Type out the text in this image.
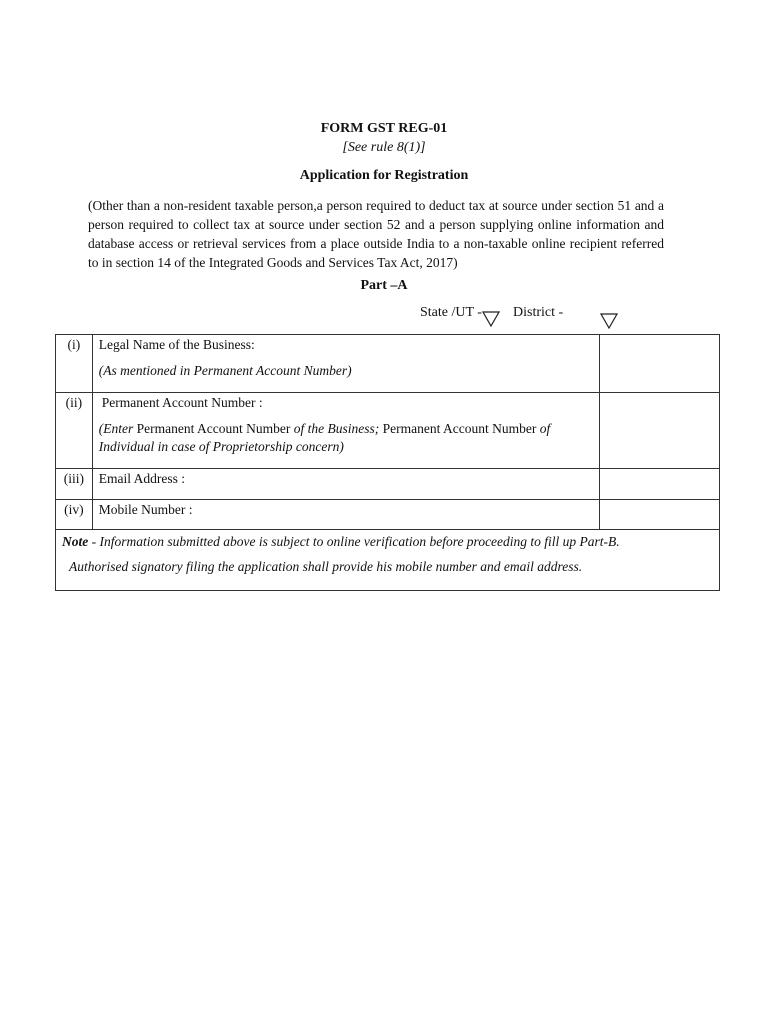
FORM GST REG-01
[See rule 8(1)]
Application for Registration
(Other than a non-resident taxable person,a person required to deduct tax at source under section 51 and a person required to collect tax at source under section 52 and a person supplying online information and database access or retrieval services from a place outside India to a non-taxable online recipient referred to in section 14 of the Integrated Goods and Services Tax Act, 2017)
Part –A
State /UT - District -
(i)	Legal Name of the Business:
(As mentioned in Permanent Account Number)

(ii)	Permanent Account Number :
(Enter Permanent Account Number of the Business; Permanent Account Number of Individual in case of Proprietorship concern)

(iii)	Email Address :	

(iv)	Mobile Number :	

Note - Information submitted above is subject to online verification before proceeding to fill up Part-B.
Authorised signatory filing the application shall provide his mobile number and email address.		
